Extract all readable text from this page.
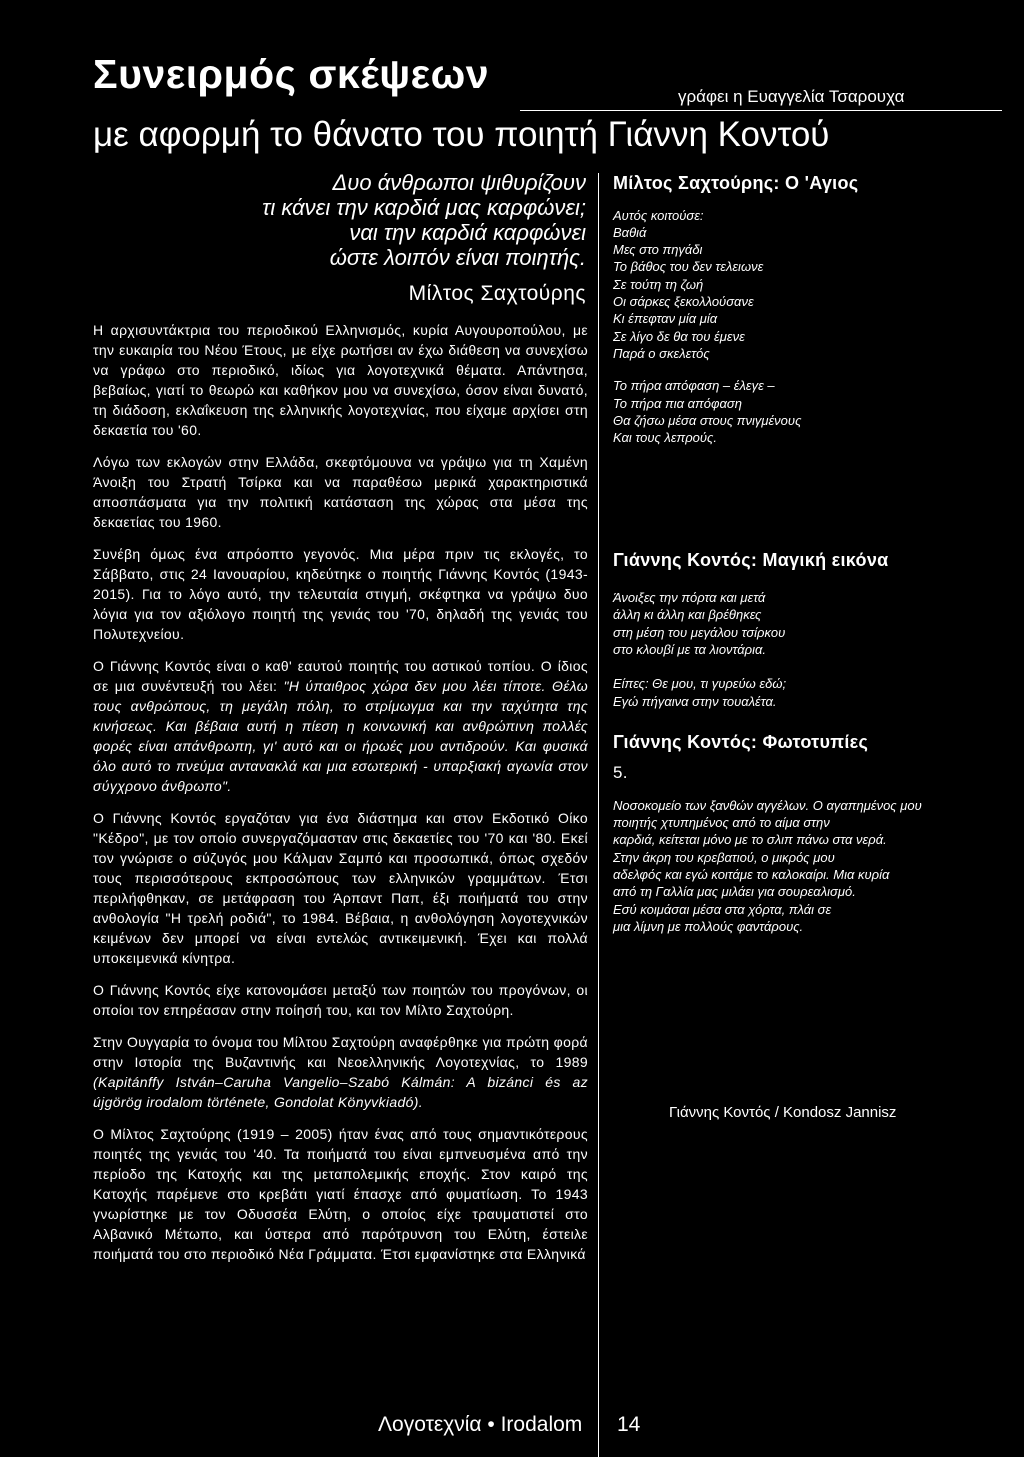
Συνειρμός σκέψεων	γράφει η Ευαγγελία Τσαρουχα
με αφορμή το θάνατο του ποιητή Γιάννη Κοντού
Δυο άνθρωποι ψιθυρίζουν
τι κάνει την καρδιά μας καρφώνει;
ναι την καρδιά καρφώνει
ώστε λοιπόν είναι ποιητής.
Μίλτος Σαχτούρης

Η αρχισυντάκτρια του περιοδικού Ελληνισμός, κυρία Αυγουροπούλου, με την ευκαιρία του Νέου Έτους, με είχε ρωτήσει αν έχω διάθεση να συνεχίσω να γράφω στο περιοδικό, ιδίως για λογοτεχνικά θέματα. Απάντησα, βεβαίως, γιατί το θεωρώ και καθήκον μου να συνεχίσω, όσον είναι δυνατό, τη διάδοση, εκλαΐκευση της ελληνικής λογοτεχνίας, που είχαμε αρχίσει στη δεκαετία του '60.

Λόγω των εκλογών στην Ελλάδα, σκεφτόμουνα να γράψω για τη Χαμένη Άνοιξη του Στρατή Τσίρκα και να παραθέσω μερικά χαρακτηριστικά αποσπάσματα για την πολιτική κατάσταση της χώρας στα μέσα της δεκαετίας του 1960.

Συνέβη όμως ένα απρόοπτο γεγονός. Μια μέρα πριν τις εκλογές, το Σάββατο, στις 24 Ιανουαρίου, κηδεύτηκε ο ποιητής Γιάννης Κοντός (1943-2015). Για το λόγο αυτό, την τελευταία στιγμή, σκέφτηκα να γράψω δυο λόγια για τον αξιόλογο ποιητή της γενιάς του '70, δηλαδή της γενιάς του Πολυτεχνείου.

Ο Γιάννης Κοντός είναι ο καθ' εαυτού ποιητής του αστικού τοπίου. Ο ίδιος σε μια συνέντευξή του λέει: "Η ύπαιθρος χώρα δεν μου λέει τίποτε. Θέλω τους ανθρώπους, τη μεγάλη πόλη, το στρίμωγμα και την ταχύτητα της κινήσεως. Και βέβαια αυτή η πίεση η κοινωνική και ανθρώπινη πολλές φορές είναι απάνθρωπη, γι' αυτό και οι ήρωές μου αντιδρούν. Και φυσικά όλο αυτό το πνεύμα αντανακλά και μια εσωτερική - υπαρξιακή αγωνία στον σύγχρονο άνθρωπο".

Ο Γιάννης Κοντός εργαζόταν για ένα διάστημα και στον Εκδοτικό Οίκο "Κέδρο", με τον οποίο συνεργαζόμασταν στις δεκαετίες του '70 και '80. Εκεί τον γνώρισε ο σύζυγός μου Κάλμαν Σαμπό και προσωπικά, όπως σχεδόν τους περισσότερους εκπροσώπους των ελληνικών γραμμάτων. Έτσι περιλήφθηκαν, σε μετάφραση του Άρπαντ Παπ, έξι ποιήματά του στην ανθολογία "Η τρελή ροδιά", το 1984. Βέβαια, η ανθολόγηση λογοτεχνικών κειμένων δεν μπορεί να είναι εντελώς αντικειμενική. Έχει και πολλά υποκειμενικά κίνητρα.

Ο Γιάννης Κοντός είχε κατονομάσει μεταξύ των ποιητών του προγόνων, οι οποίοι τον επηρέασαν στην ποίησή του, και τον Μίλτο Σαχτούρη.

Στην Ουγγαρία το όνομα του Μίλτου Σαχτούρη αναφέρθηκε για πρώτη φορά στην Ιστορία της Βυζαντινής και Νεοελληνικής Λογοτεχνίας, το 1989 (Kapitánffy István–Caruha Vangelio–Szabó Kálmán: A bizánci és az újgörög irodalom története, Gondolat Könyvkiadó).

Ο Μίλτος Σαχτούρης (1919 – 2005) ήταν ένας από τους σημαντικότερους ποιητές της γενιάς του '40. Τα ποιήματά του είναι εμπνευσμένα από την περίοδο της Κατοχής και της μεταπολεμικής εποχής. Στον καιρό της Κατοχής παρέμενε στο κρεβάτι γιατί έπασχε από φυματίωση. Το 1943 γνωρίστηκε με τον Οδυσσέα Ελύτη, ο οποίος είχε τραυματιστεί στο Αλβανικό Μέτωπο, και ύστερα από παρότρυνση του Ελύτη, έστειλε ποιήματά του στο περιοδικό Νέα Γράμματα. Έτσι εμφανίστηκε στα Ελληνικά

Μίλτος Σαχτούρης: Ο 'Αγιος
Αυτός κοιτούσε:
Βαθιά
Μες στο πηγάδι
Το βάθος του δεν τελειωνε
Σε τούτη τη ζωή
Οι σάρκες ξεκολλούσανε
Κι έπεφταν μία μία
Σε λίγο δε θα του έμενε
Παρά ο σκελετός
Το πήρα απόφαση – έλεγε –
Το πήρα πια απόφαση
Θα ζήσω μέσα στους πνιγμένους
Και τους λεπρούς.
Γιάννης Κοντός: Μαγική εικόνα
Άνοιξες την πόρτα και μετά
άλλη κι άλλη και βρέθηκες
στη μέση του μεγάλου τσίρκου
στο κλουβί με τα λιοντάρια.
Είπες: Θε μου, τι γυρεύω εδώ;
Εγώ πήγαινα στην τουαλέτα.
Γιάννης Κοντός: Φωτοτυπίες
5.
Νοσοκομείο των ξανθών αγγέλων. Ο αγαπημένος μου
ποιητής χτυπημένος από το αίμα στην
καρδιά, κείτεται μόνο με το σλιπ πάνω στα νερά.
Στην άκρη του κρεβατιού, ο μικρός μου
αδελφός και εγώ κοιτάμε το καλοκαίρι. Μια κυρία
από τη Γαλλία μας μιλάει για σουρεαλισμό.
Εσύ κοιμάσαι μέσα στα χόρτα, πλάι σε
μια λίμνη με πολλούς φαντάρους.
Γιάννης Κοντός / Kondosz Jannisz
Λογοτεχνία • Irodalom 14
